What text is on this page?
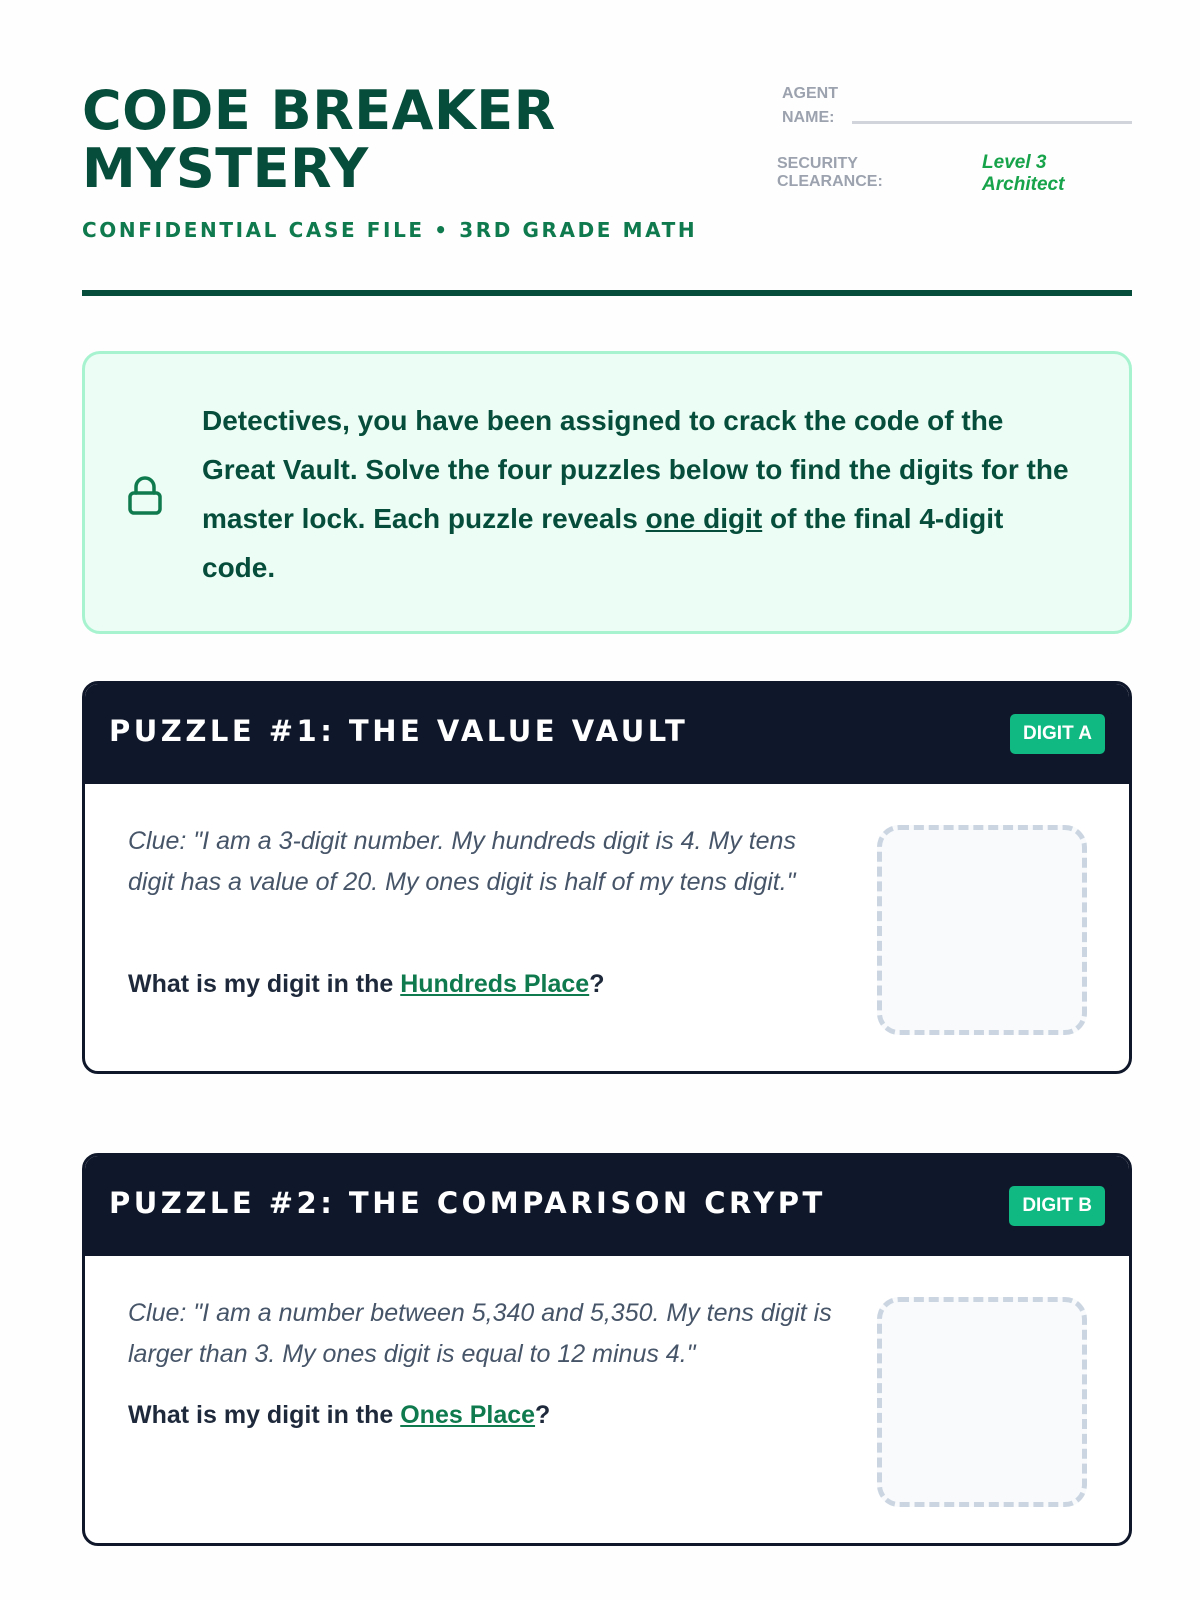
CODE BREAKER MYSTERY
CONFIDENTIAL CASE FILE • 3RD GRADE MATH
AGENT NAME:
SECURITY CLEARANCE:
Level 3 Architect

Detectives, you have been assigned to crack the code of the Great Vault. Solve the four puzzles below to find the digits for the master lock. Each puzzle reveals one digit of the final 4-digit code.

PUZZLE #1: THE VALUE VAULT	DIGIT A

Clue: "I am a 3-digit number. My hundreds digit is 4. My tens digit has a value of 20. My ones digit is half of my tens digit."

What is my digit in the Hundreds Place?

PUZZLE #2: THE COMPARISON CRYPT	DIGIT B

Clue: "I am a number between 5,340 and 5,350. My tens digit is larger than 3. My ones digit is equal to 12 minus 4."

What is my digit in the Ones Place?
